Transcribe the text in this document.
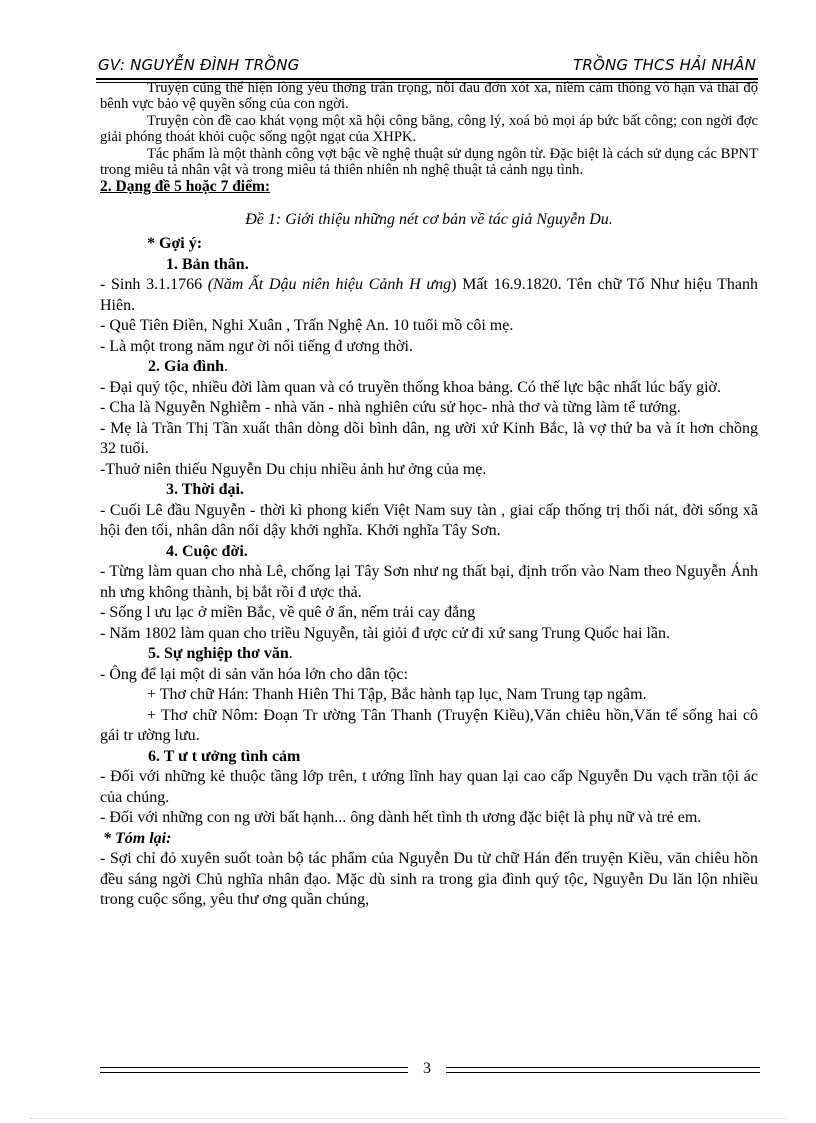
GV: NGUYỄN ĐÌNH TRỒNG	TRỒNG THCS HẢI NHÂN

Truyện cũng thể hiện lòng yêu thơng trân trọng, nỗi đau đớn xót xa, niềm cảm thông vô hạn và thái độ bênh vực bảo vệ quyền sống của con ngời.

Truyện còn đề cao khát vọng một xã hội công bằng, công lý, xoá bỏ mọi áp bức bất công; con ngời đợc giải phóng thoát khỏi cuộc sống ngột ngạt của XHPK.

Tác phẩm là một thành công vợt bậc về nghệ thuật sử dụng ngôn từ. Đặc biệt là cách sử dụng các BPNT trong miêu tả nhân vật và trong miêu tả thiên nhiên nh nghệ thuật tả cảnh ngụ tình.

2. Dạng đề 5 hoặc 7 điểm:

Đề 1: Giới thiệu những nét cơ bản về tác giả Nguyễn Du.

* Gợi ý:

1. Bản thân.

- Sinh 3.1.1766 (Năm Ất Dậu niên hiệu Cảnh H ưng) Mất 16.9.1820. Tên chữ Tố Như hiệu Thanh Hiên.

- Quê Tiên Điền, Nghi Xuân , Trấn Nghệ An. 10 tuổi mồ côi mẹ.

- Là một trong năm ngư ời nổi tiếng đ ương thời.

2. Gia đình.

- Đại quý tộc, nhiều đời làm quan và có truyền thống khoa bảng. Có thế lực bậc nhất lúc bấy giờ.

- Cha là Nguyễn Nghiễm - nhà văn - nhà nghiên cứu sử học- nhà thơ và từng làm tể tướng.

- Mẹ là Trần Thị Tần xuất thân dòng dõi bình dân, ng ười xứ Kinh Bắc, là vợ thứ ba và ít hơn chồng 32 tuổi.

-Thuở niên thiếu Nguyễn Du chịu nhiều ảnh hư ởng của mẹ.

3. Thời đại.

- Cuối Lê đầu Nguyễn - thời kì phong kiến Việt Nam suy tàn , giai cấp thống trị thối nát, đời sống xã hội đen tối, nhân dân nổi dậy khởi nghĩa. Khởi nghĩa Tây Sơn.

4. Cuộc đời.

- Từng làm quan cho nhà Lê, chống lại Tây Sơn như ng thất bại, định trốn vào Nam theo Nguyễn Ánh nh ưng không thành, bị bắt rồi đ ược thả.

- Sống l ưu lạc ở miền Bắc, về quê ở ẩn, nếm trải cay đắng

- Năm 1802 làm quan cho triều Nguyễn, tài giỏi đ ược cử đi xứ sang Trung Quốc hai lần.

5. Sự nghiệp thơ văn.

- Ông để lại một di sản văn hóa lớn cho dân tộc:

+ Thơ chữ Hán: Thanh Hiên Thi Tập, Bắc hành tạp lục, Nam Trung tạp ngâm.

+ Thơ chữ Nôm: Đoạn Tr ường Tân Thanh (Truyện Kiều),Văn chiêu hồn,Văn tế sống hai cô gái tr ường lưu.

6. T ư t ưởng tình cảm

- Đối với những kẻ thuộc tầng lớp trên, t ướng lĩnh hay quan lại cao cấp Nguyễn Du vạch trần tội ác của chúng.

- Đối với những con ng ười bất hạnh... ông dành hết tình th ương đặc biệt là phụ nữ và trẻ em.

* Tóm lại:

- Sợi chỉ đỏ xuyên suốt toàn bộ tác phẩm của Nguyễn Du từ chữ Hán đến truyện Kiều, văn chiêu hồn đều sáng ngời Chủ nghĩa nhân đạo. Mặc dù sinh ra trong gia đình quý tộc, Nguyễn Du lăn lộn nhiều trong cuộc sống, yêu thư ơng quần chúng,

3
